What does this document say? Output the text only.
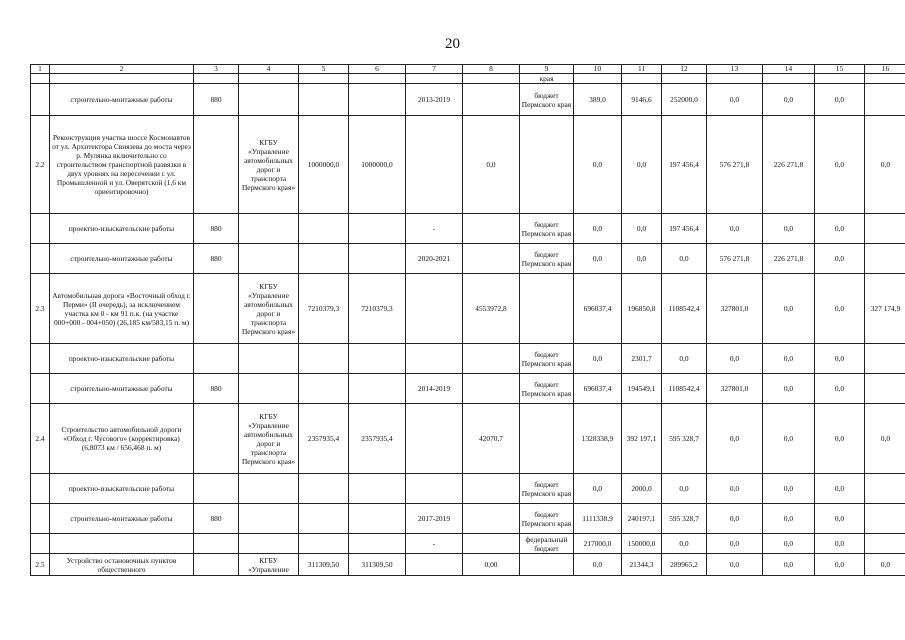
20
1	2	3	4	5	6	7	8	9	10	11	12	13	14	15	16
								края							
	строительно-монтажные работы	880				2013-2019		бюджет Пермского края	389,0	9146,6	252000,0	0,0	0,0	0,0	
2.2	Реконструкция участка шоссе Космонавтов от ул. Архитектора Свиязева до моста через р. Мулянка включительно со строительством транспортной развязки в двух уровнях на пересечении с ул. Промышленной и ул. Оверятской (1,6 км ориентировочно)		КГБУ «Управление автомобильных дорог и транспорта Пермского края»	1000000,0	1000000,0		0,0		0,0	0,0	197 456,4	576 271,8	226 271,8	0,0	0,0
	проектно-изыскательские работы	880				-		бюджет Пермского края	0,0	0,0	197 456,4	0,0	0,0	0,0	
	строительно-монтажные работы	880				2020-2021		бюджет Пермского края	0,0	0,0	0,0	576 271,8	226 271,8	0,0	
2.3	Автомобильная дорога «Восточный обход г. Перми» (II очередь), за исключением участка км 0 - км 91 п.к. (на участке 000+000 - 004+050) (26,185 км/583,15 п. м)		КГБУ «Управление автомобильных дорог и транспорта Пермского края»	7210379,3	7210379,3		4553972,8		696037,4	196850,8	1108542,4	327801,0	0,0	0,0	327 174,9
	проектно-изыскательские работы							бюджет Пермского края	0,0	2301,7	0,0	0,0	0,0	0,0	
	строительно-монтажные работы	880				2014-2019		бюджет Пермского края	696037,4	194549,1	1108542,4	327801,0	0,0	0,0	
2.4	Строительство автомобильной дороги «Обход г. Чусового» (корректировка) (6,8073 км / 656,468 п. м)		КГБУ «Управление автомобильных дорог и транспорта Пермского края»	2357935,4	2357935,4		42070,7		1328338,9	392 197,1	595 328,7	0,0	0,0	0,0	0,0
	проектно-изыскательские работы							бюджет Пермского края	0,0	2000,0	0,0	0,0	0,0	0,0	
	строительно-монтажные работы	880				2017-2019		бюджет Пермского края	1111338,9	240197,1	595 328,7	0,0	0,0	0,0	
						-		федеральный бюджет	217000,0	150000,0	0,0	0,0	0,0	0,0	
2.5	Устройство остановочных пунктов общественного		КГБУ «Управление	311309,50	311309,50		0,00		0,0	21344,3	289965,2	0,0	0,0	0,0	0,0
